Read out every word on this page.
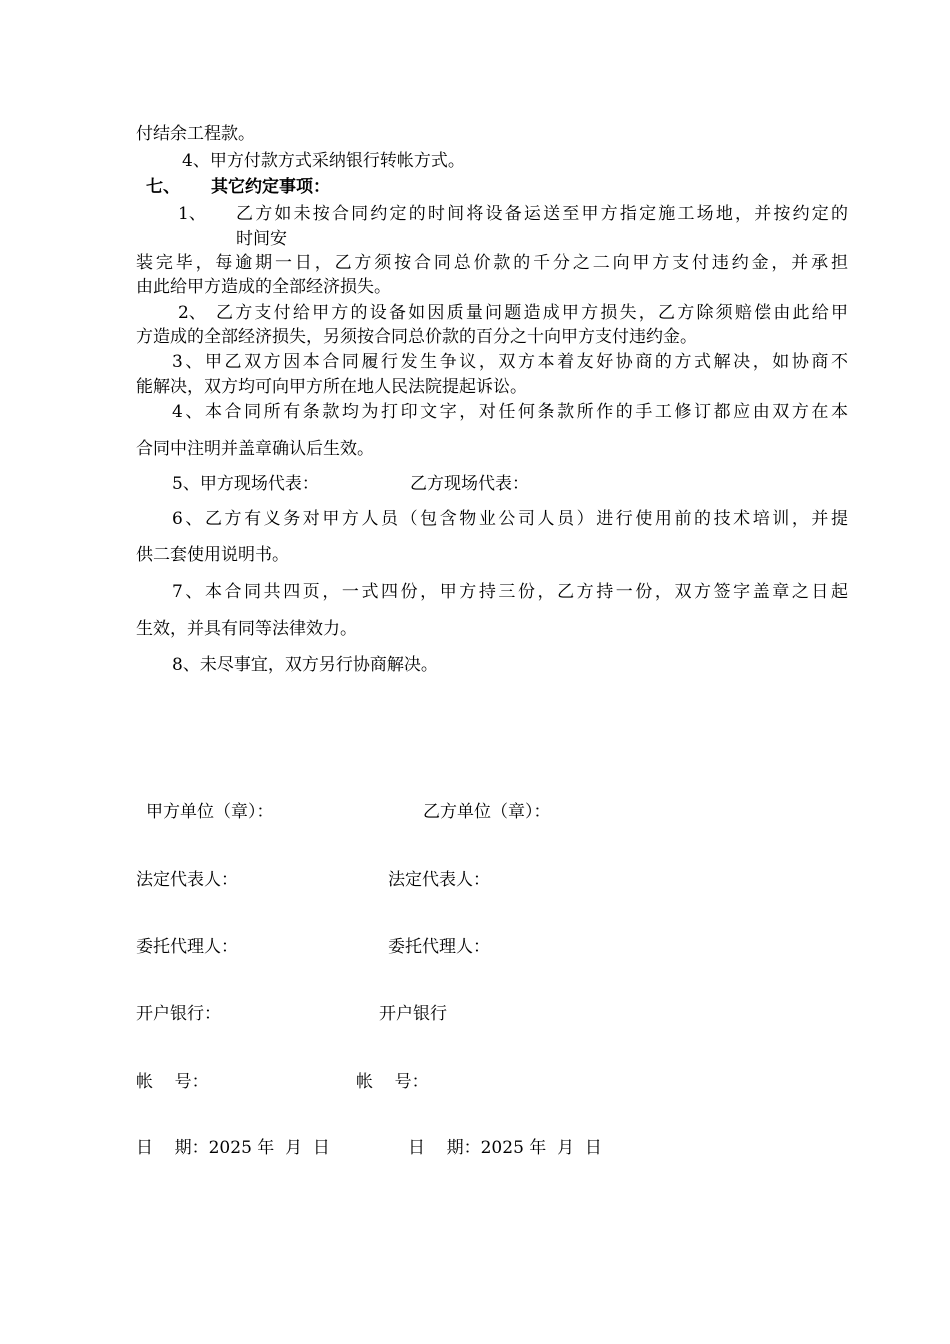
付结余工程款。
4、甲方付款方式采纳银行转帐方式。
七、 其它约定事项：
1、 乙方如未按合同约定的时间将设备运送至甲方指定施工场地，并按约定的
时间安
装完毕，每逾期一日，乙方须按合同总价款的千分之二向甲方支付违约金，并承担
由此给甲方造成的全部经济损失。
2、 乙方支付给甲方的设备如因质量问题造成甲方损失，乙方除须赔偿由此给甲
方造成的全部经济损失，另须按合同总价款的百分之十向甲方支付违约金。
3、甲乙双方因本合同履行发生争议，双方本着友好协商的方式解决，如协商不
能解决，双方均可向甲方所在地人民法院提起诉讼。
4、本合同所有条款均为打印文字，对任何条款所作的手工修订都应由双方在本
合同中注明并盖章确认后生效。
5、甲方现场代表：	乙方现场代表：
6、乙方有义务对甲方人员（包含物业公司人员）进行使用前的技术培训，并提
供二套使用说明书。
7、本合同共四页，一式四份，甲方持三份，乙方持一份，双方签字盖章之日起
生效，并具有同等法律效力。
8、未尽事宜，双方另行协商解决。
甲方单位（章）：	乙方单位（章）：
法定代表人：	法定代表人：
委托代理人：	委托代理人：
开户银行：	开户银行
帐    号：	帐    号：
日    期：2025 年  月  日	日    期：2025 年  月  日
